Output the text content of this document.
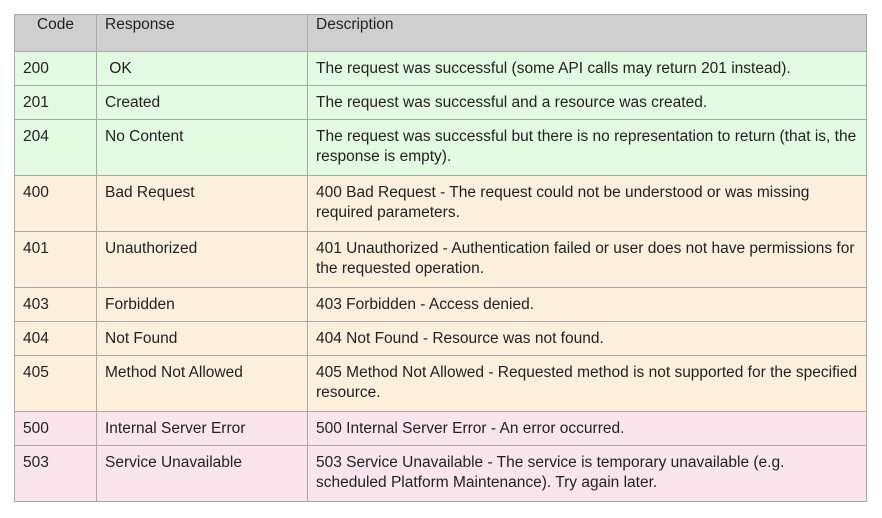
Code	Response	Description
200	OK	The request was successful (some API calls may return 201 instead).
201	Created	The request was successful and a resource was created.
204	No Content	The request was successful but there is no representation to return (that is, the response is empty).
400	Bad Request	400 Bad Request - The request could not be understood or was missing required parameters.
401	Unauthorized	401 Unauthorized - Authentication failed or user does not have permissions for the requested operation.
403	Forbidden	403 Forbidden - Access denied.
404	Not Found	404 Not Found - Resource was not found.
405	Method Not Allowed	405 Method Not Allowed - Requested method is not supported for the specified resource.
500	Internal Server Error	500 Internal Server Error - An error occurred.
503	Service Unavailable	503 Service Unavailable - The service is temporary unavailable (e.g. scheduled Platform Maintenance). Try again later.
